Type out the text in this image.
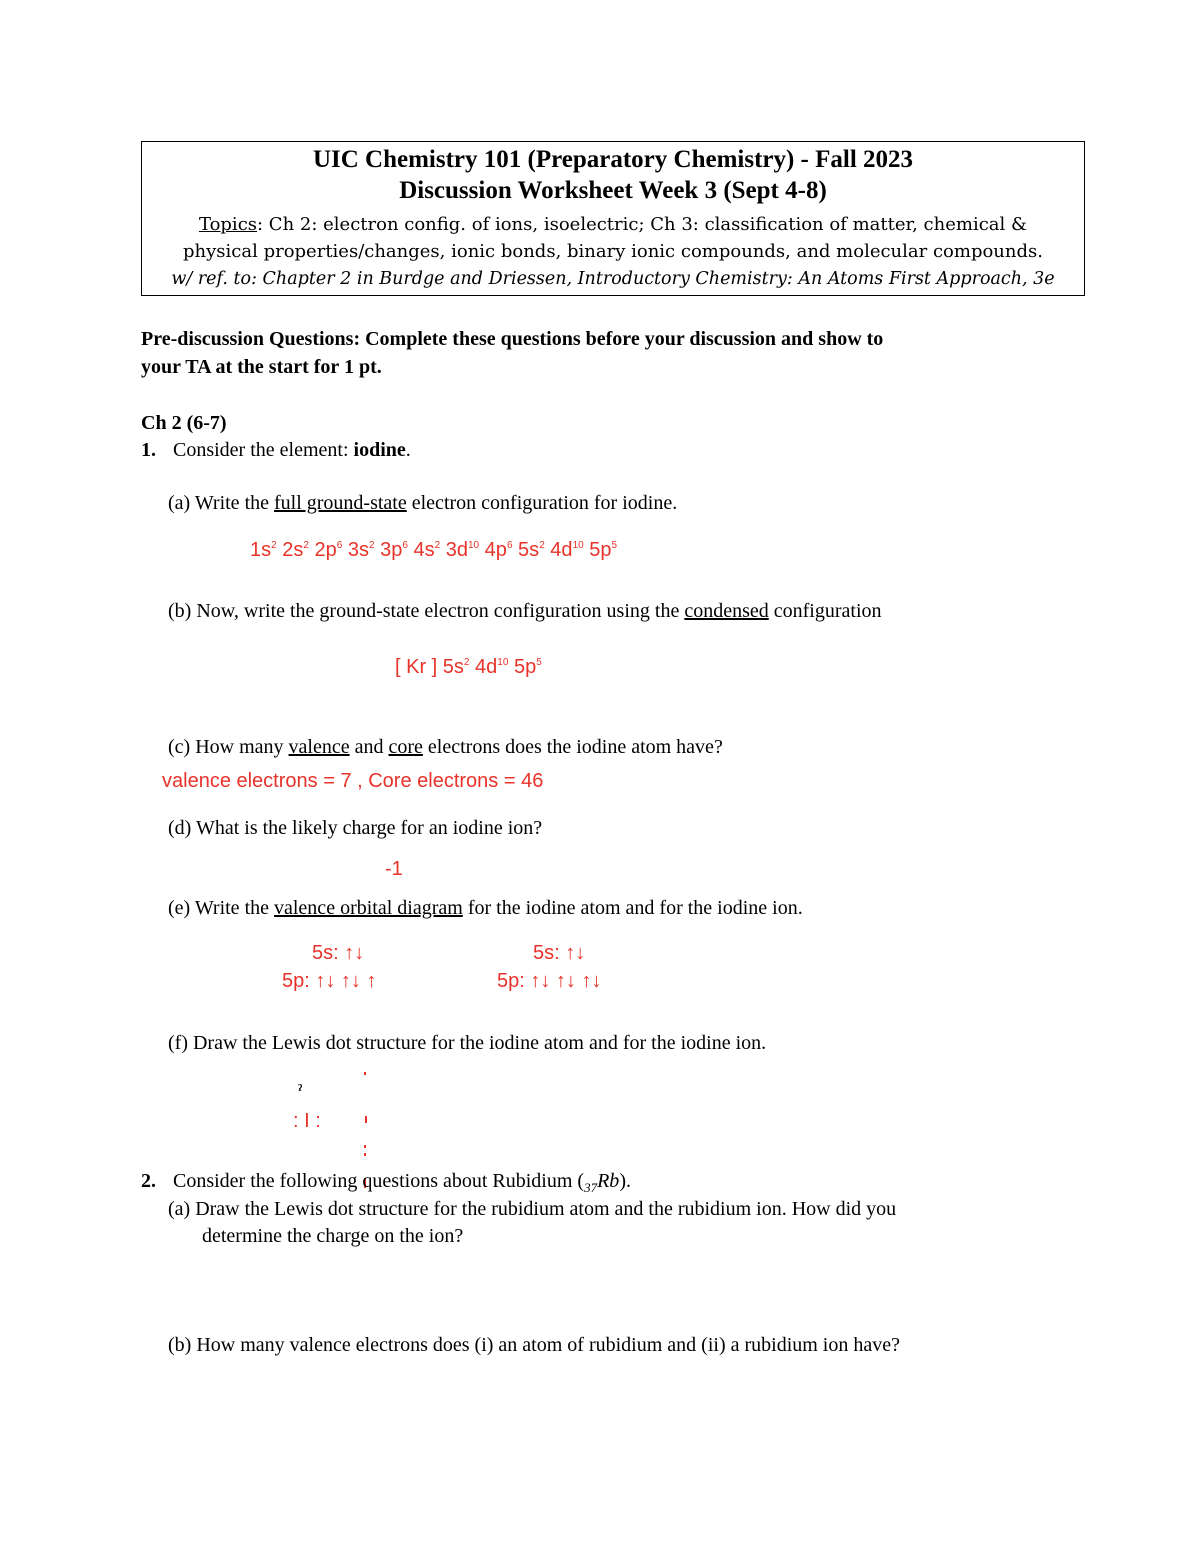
UIC Chemistry 101 (Preparatory Chemistry) - Fall 2023
Discussion Worksheet Week 3 (Sept 4-8)
Topics: Ch 2: electron config. of ions, isoelectric; Ch 3: classification of matter, chemical &
physical properties/changes, ionic bonds, binary ionic compounds, and molecular compounds.
w/ ref. to: Chapter 2 in Burdge and Driessen, Introductory Chemistry: An Atoms First Approach, 3e
Pre-discussion Questions: Complete these questions before your discussion and show to
your TA at the start for 1 pt.
Ch 2 (6-7)
1. Consider the element: iodine.
(a) Write the full ground-state electron configuration for iodine.
$1s^2$ $2s^2$ $2p^6$ $3s^2$ $3p^6$ $4s^2$ $3d^{10}$ $4p^6$ $5s^2$ $4d^{10}$ $5p^5$
(b) Now, write the ground-state electron configuration using the condensed configuration
[ Kr ] $5s^2$ $4d^{10}$ $5p^5$
(c) How many valence and core electrons does the iodine atom have?
valence electrons = 7 , Core electrons = 46
(d) What is the likely charge for an iodine ion?
-1
(e) Write the valence orbital diagram for the iodine atom and for the iodine ion.
5s: ↑↓
5p: ↑↓ ↑↓ ↑
5s: ↑↓
5p: ↑↓ ↑↓ ↑↓
(f) Draw the Lewis dot structure for the iodine atom and for the iodine ion.
ˀ
: I :
2. Consider the following questions about Rubidium $(_{37}Rb)$.
(a) Draw the Lewis dot structure for the rubidium atom and the rubidium ion. How did you
determine the charge on the ion?
(b) How many valence electrons does (i) an atom of rubidium and (ii) a rubidium ion have?
